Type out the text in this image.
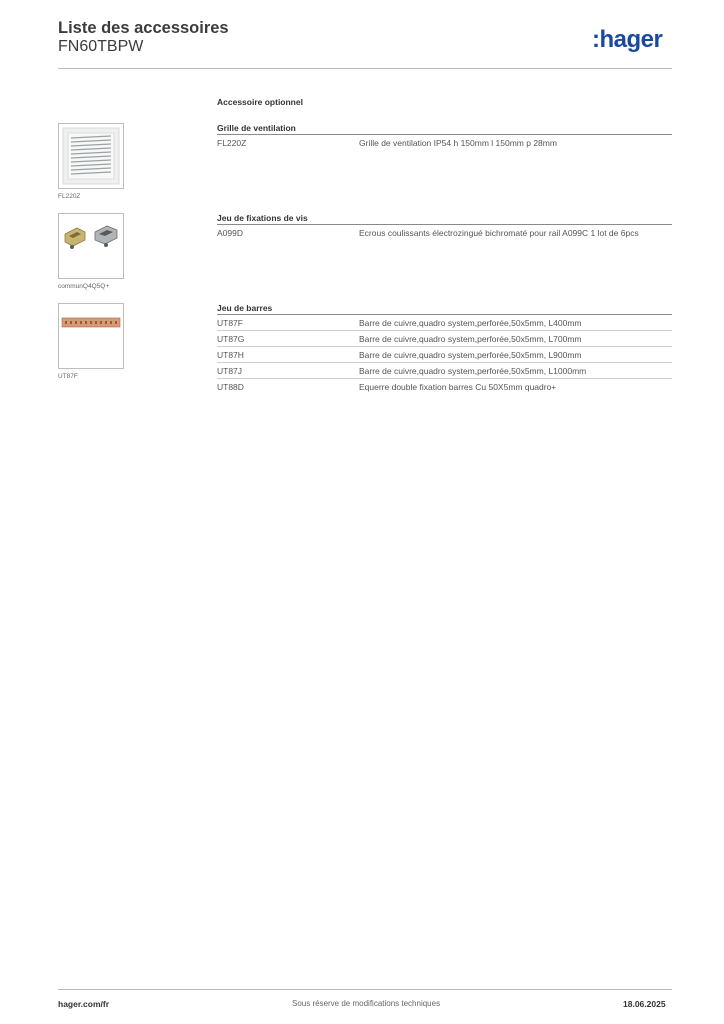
Liste des accessoires
FN60TBPW	:hager
Accessoire optionnel
FL220Z
Grille de ventilation
FL220Z	Grille de ventilation IP54 h 150mm l 150mm p 28mm
communQ4Q5Q+
Jeu de fixations de vis
A099D	Ecrous coulissants électrozingué bichromaté pour rail A099C 1 lot de 6pcs
UT87F
Jeu de barres
UT87F	Barre de cuivre,quadro system,perforée,50x5mm, L400mm
UT87G	Barre de cuivre,quadro system,perforée,50x5mm, L700mm
UT87H	Barre de cuivre,quadro system,perforée,50x5mm, L900mm
UT87J	Barre de cuivre,quadro system,perforée,50x5mm, L1000mm
UT88D	Equerre double fixation barres Cu 50X5mm quadro+
hager.com/fr	Sous réserve de modifications techniques	18.06.2025
